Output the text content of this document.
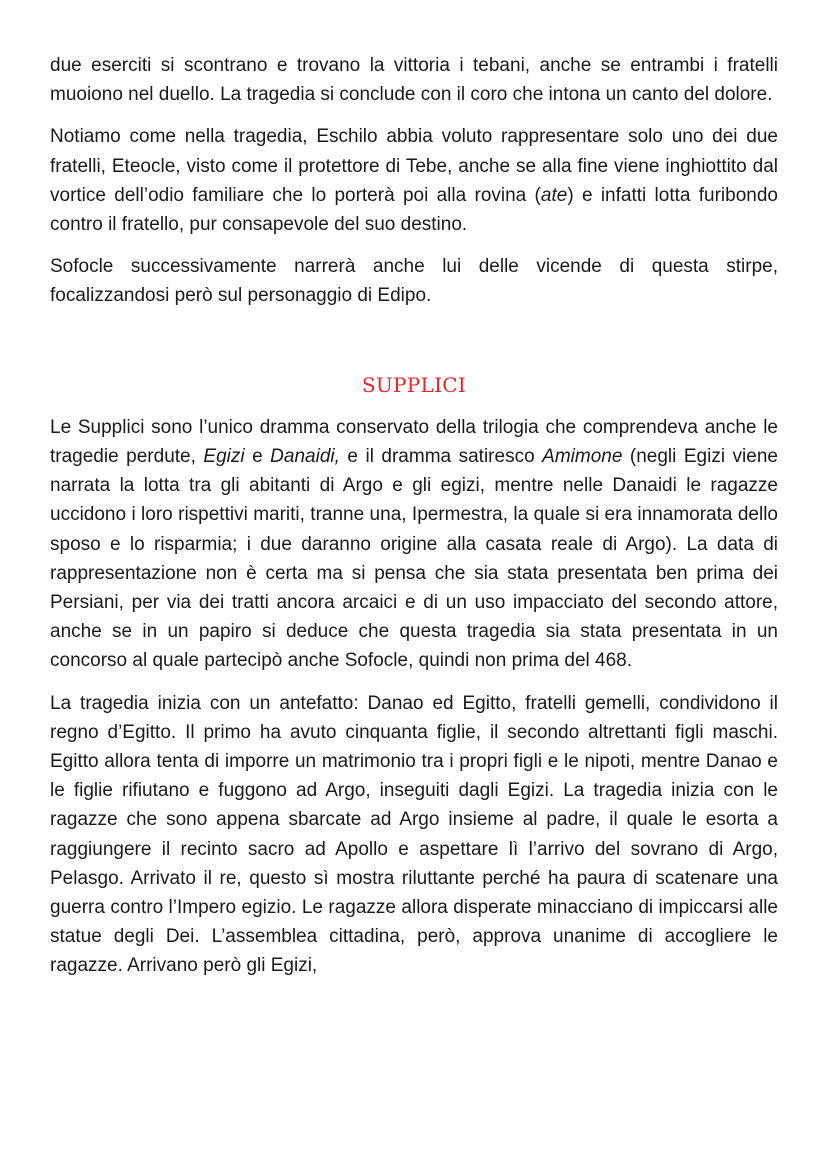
due eserciti si scontrano e trovano la vittoria i tebani, anche se entrambi i fratelli muoiono nel duello. La tragedia si conclude con il coro che intona un canto del dolore.

Notiamo come nella tragedia, Eschilo abbia voluto rappresentare solo uno dei due fratelli, Eteocle, visto come il protettore di Tebe, anche se alla fine viene inghiottito dal vortice dell’odio familiare che lo porterà poi alla rovina (ate) e infatti lotta furibondo contro il fratello, pur consapevole del suo destino.

Sofocle successivamente narrerà anche lui delle vicende di questa stirpe, focalizzandosi però sul personaggio di Edipo.

SUPPLICI

Le Supplici sono l’unico dramma conservato della trilogia che comprendeva anche le tragedie perdute, Egizi e Danaidi, e il dramma satiresco Amimone (negli Egizi viene narrata la lotta tra gli abitanti di Argo e gli egizi, mentre nelle Danaidi le ragazze uccidono i loro rispettivi mariti, tranne una, Ipermestra, la quale si era innamorata dello sposo e lo risparmia; i due daranno origine alla casata reale di Argo). La data di rappresentazione non è certa ma si pensa che sia stata presentata ben prima dei Persiani, per via dei tratti ancora arcaici e di un uso impacciato del secondo attore, anche se in un papiro si deduce che questa tragedia sia stata presentata in un concorso al quale partecipò anche Sofocle, quindi non prima del 468.

La tragedia inizia con un antefatto: Danao ed Egitto, fratelli gemelli, condividono il regno d’Egitto. Il primo ha avuto cinquanta figlie, il secondo altrettanti figli maschi. Egitto allora tenta di imporre un matrimonio tra i propri figli e le nipoti, mentre Danao e le figlie rifiutano e fuggono ad Argo, inseguiti dagli Egizi. La tragedia inizia con le ragazze che sono appena sbarcate ad Argo insieme al padre, il quale le esorta a raggiungere il recinto sacro ad Apollo e aspettare lì l’arrivo del sovrano di Argo, Pelasgo. Arrivato il re, questo sì mostra riluttante perché ha paura di scatenare una guerra contro l’Impero egizio. Le ragazze allora disperate minacciano di impiccarsi alle statue degli Dei. L’assemblea cittadina, però, approva unanime di accogliere le ragazze. Arrivano però gli Egizi,
